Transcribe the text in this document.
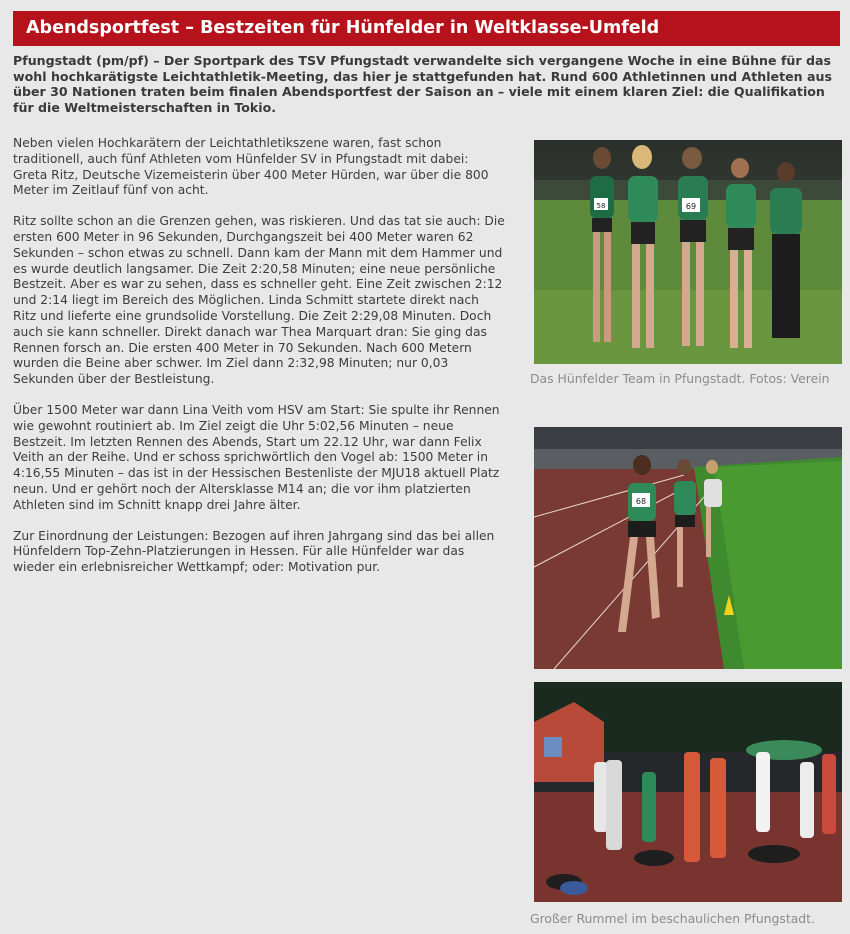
Abendsportfest – Bestzeiten für Hünfelder in Weltklasse-Umfeld

Pfungstadt (pm/pf) – Der Sportpark des TSV Pfungstadt verwandelte sich vergangene Woche in eine Bühne für das wohl hochkarätigste Leichtathletik-Meeting, das hier je stattgefunden hat. Rund 600 Athletinnen und Athleten aus über 30 Nationen traten beim finalen Abendsportfest der Saison an – viele mit einem klaren Ziel: die Qualifikation für die Weltmeisterschaften in Tokio.

Neben vielen Hochkarätern der Leichtathletikszene waren, fast schon traditionell, auch fünf Athleten vom Hünfelder SV in Pfungstadt mit dabei: Greta Ritz, Deutsche Vizemeisterin über 400 Meter Hürden, war über die 800 Meter im Zeitlauf fünf von acht.

Ritz sollte schon an die Grenzen gehen, was riskieren. Und das tat sie auch: Die ersten 600 Meter in 96 Sekunden, Durchgangszeit bei 400 Meter waren 62 Sekunden – schon etwas zu schnell. Dann kam der Mann mit dem Hammer und es wurde deutlich langsamer. Die Zeit 2:20,58 Minuten; eine neue persönliche Bestzeit. Aber es war zu sehen, dass es schneller geht. Eine Zeit zwischen 2:12 und 2:14 liegt im Bereich des Möglichen. Linda Schmitt startete direkt nach Ritz und lieferte eine grundsolide Vorstellung. Die Zeit 2:29,08 Minuten. Doch auch sie kann schneller. Direkt danach war Thea Marquart dran: Sie ging das Rennen forsch an. Die ersten 400 Meter in 70 Sekunden. Nach 600 Metern wurden die Beine aber schwer. Im Ziel dann 2:32,98 Minuten; nur 0,03 Sekunden über der Bestleistung.

Über 1500 Meter war dann Lina Veith vom HSV am Start: Sie spulte ihr Rennen wie gewohnt routiniert ab. Im Ziel zeigt die Uhr 5:02,56 Minuten – neue Bestzeit. Im letzten Rennen des Abends, Start um 22.12 Uhr, war dann Felix Veith an der Reihe. Und er schoss sprichwörtlich den Vogel ab: 1500 Meter in 4:16,55 Minuten – das ist in der Hessischen Bestenliste der MJU18 aktuell Platz neun. Und er gehört noch der Altersklasse M14 an; die vor ihm platzierten Athleten sind im Schnitt knapp drei Jahre älter.

Zur Einordnung der Leistungen: Bezogen auf ihren Jahrgang sind das bei allen Hünfeldern Top-Zehn-Platzierungen in Hessen. Für alle Hünfelder war das wieder ein erlebnisreicher Wettkampf; oder: Motivation pur.

58	69

Das Hünfelder Team in Pfungstadt. Fotos: Verein

68

Großer Rummel im beschaulichen Pfungstadt.
